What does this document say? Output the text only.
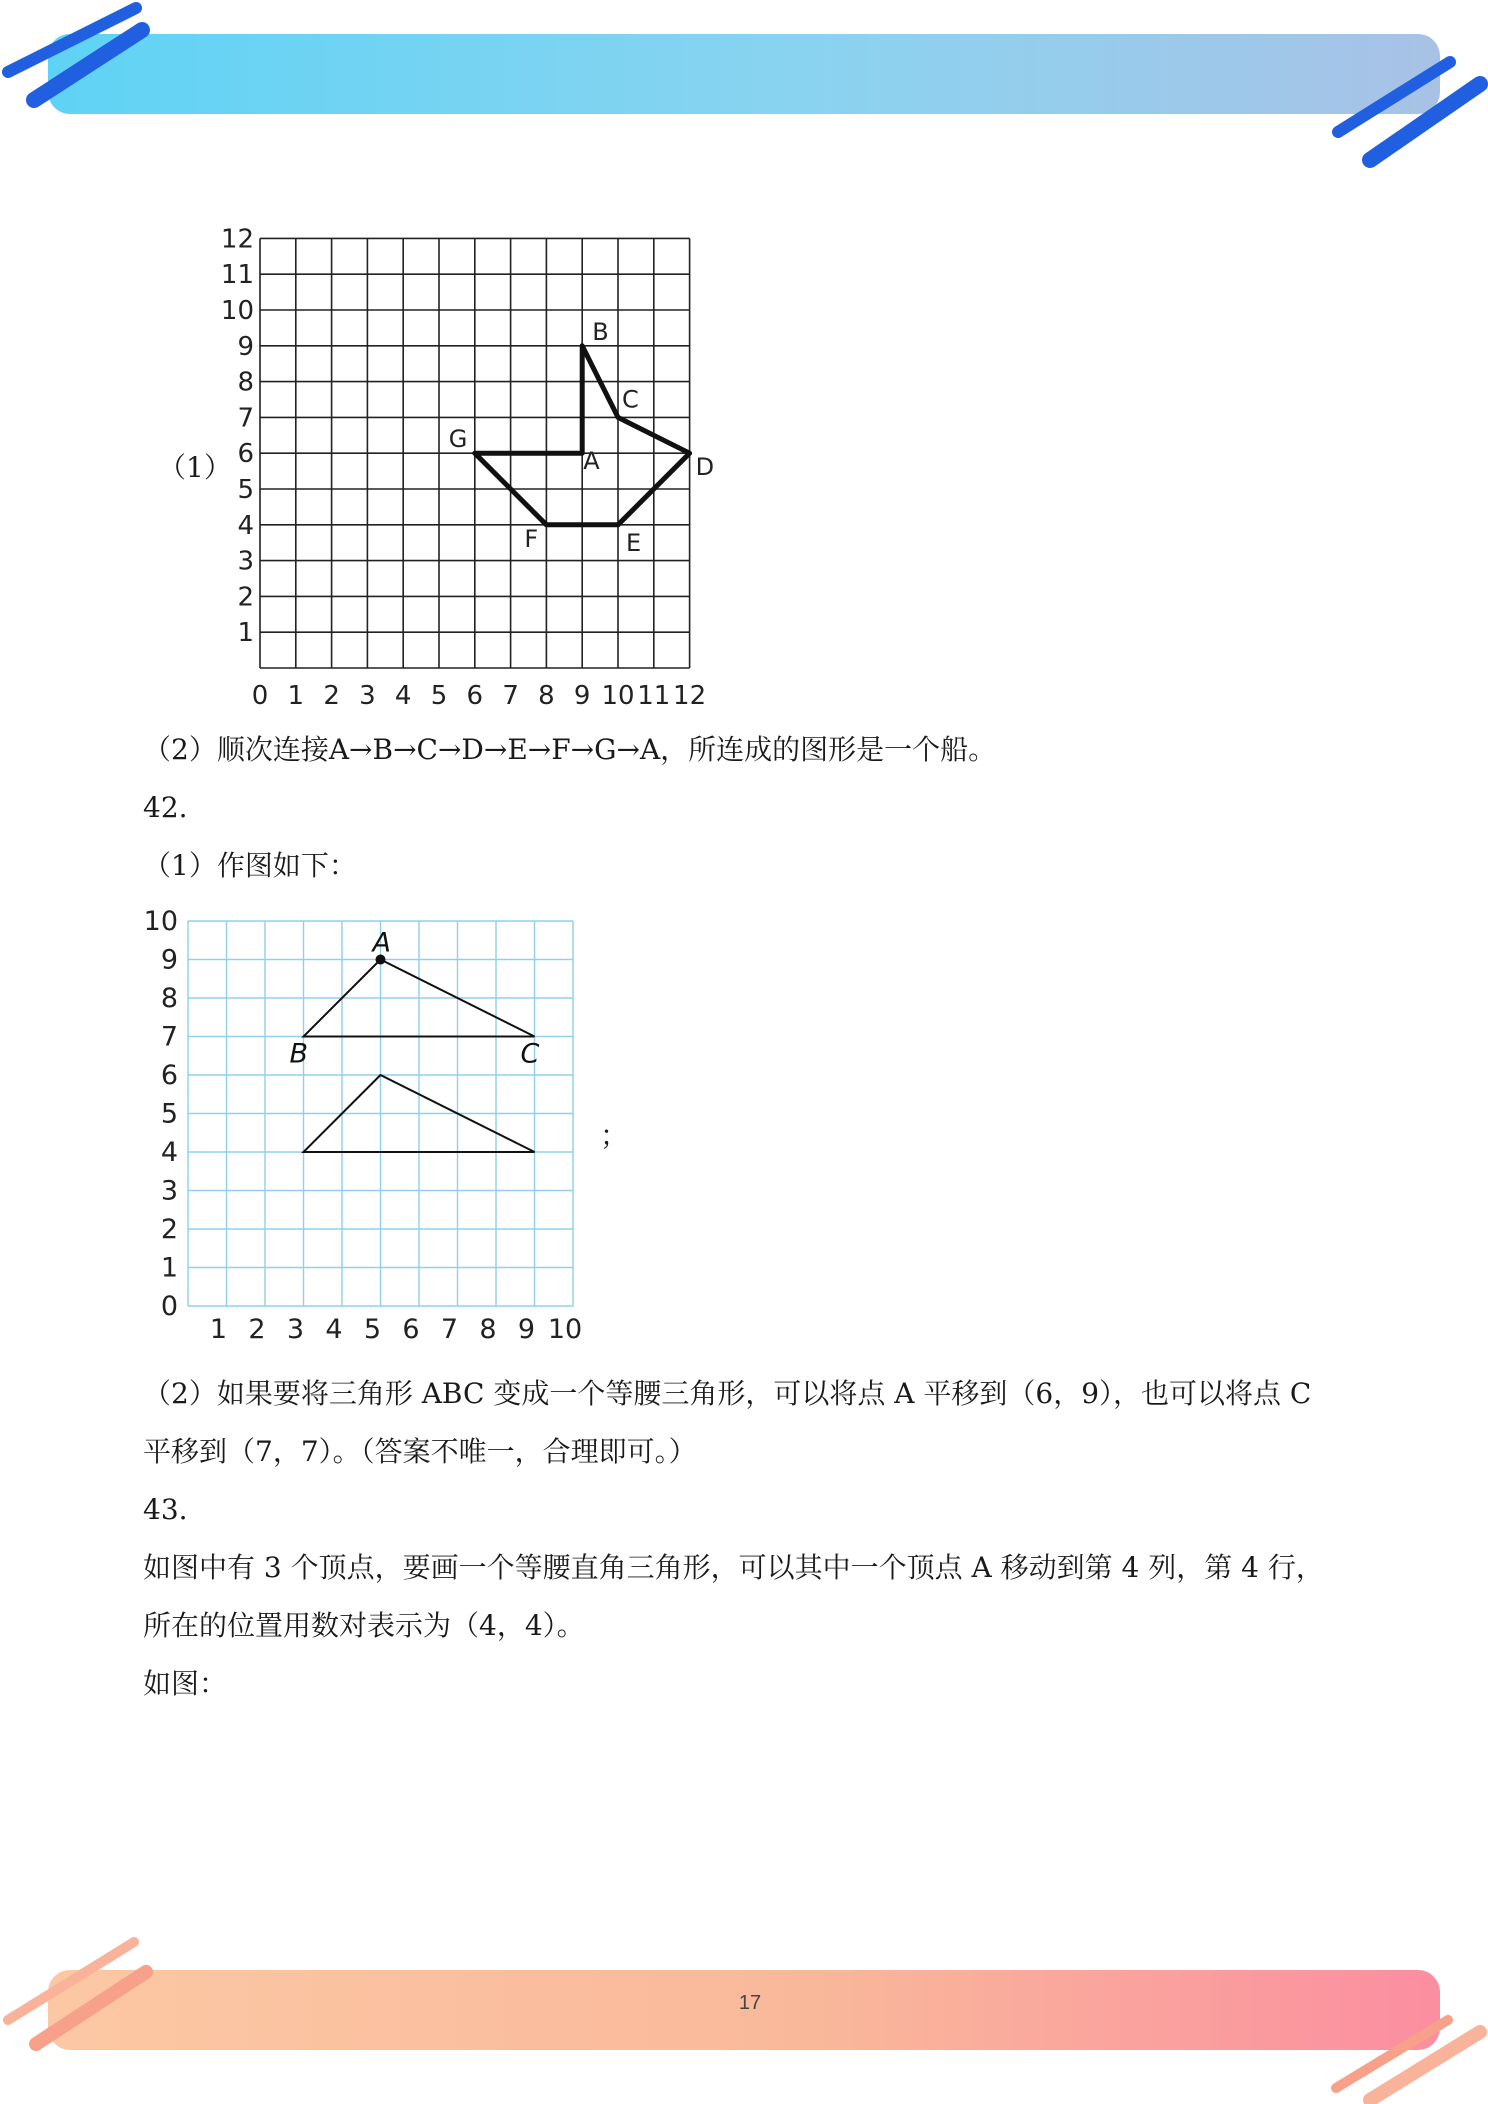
（1）
0 1 2 3 4 5 6 7 8 9 10 11 12
1
2
3
4
5
6
7
8
9
10
11
12
A
B
C
D
E
F
G
（2）顺次连接A→B→C→D→E→F→G→A，所连成的图形是一个船。
42.
（1）作图如下：
1 2 3 4 5 6 7 8 9 10
0
1
2
3
4
5
6
7
8
9
10
A
B	C
；
（2）如果要将三角形 ABC 变成一个等腰三角形，可以将点 A 平移到（6，9），也可以将点 C
平移到（7，7）。（答案不唯一，合理即可。）
43.
如图中有 3 个顶点，要画一个等腰直角三角形，可以其中一个顶点 A 移动到第 4 列，第 4 行，
所在的位置用数对表示为（4，4）。
如图：
17
